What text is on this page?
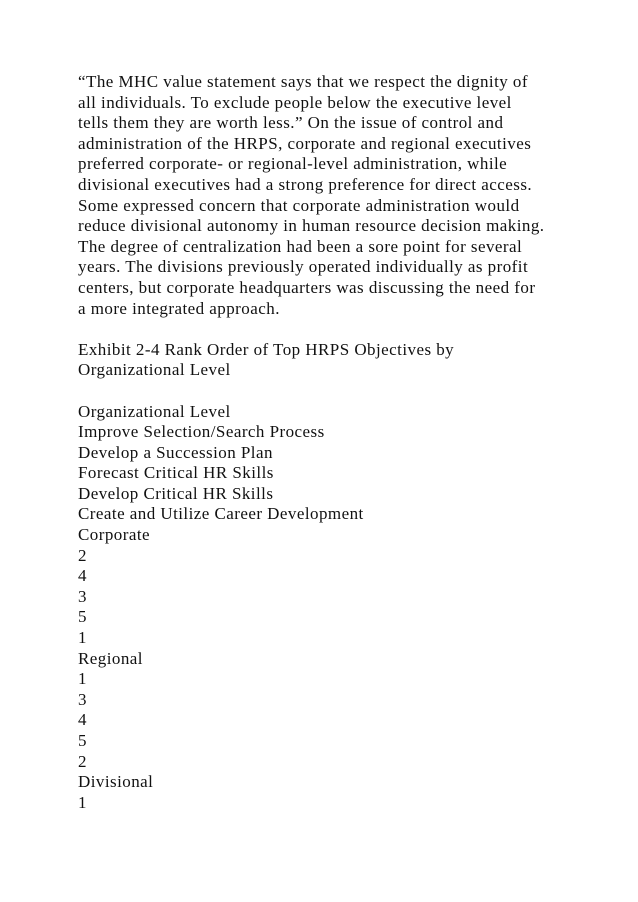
“The MHC value statement says that we respect the dignity of
all individuals. To exclude people below the executive level
tells them they are worth less.” On the issue of control and
administration of the HRPS, corporate and regional executives
preferred corporate- or regional-level administration, while
divisional executives had a strong preference for direct access.
Some expressed concern that corporate administration would
reduce divisional autonomy in human resource decision making.
The degree of centralization had been a sore point for several
years. The divisions previously operated individually as profit
centers, but corporate headquarters was discussing the need for
a more integrated approach.
Exhibit 2-4 Rank Order of Top HRPS Objectives by
Organizational Level
Organizational Level
Improve Selection/Search Process
Develop a Succession Plan
Forecast Critical HR Skills
Develop Critical HR Skills
Create and Utilize Career Development
Corporate
2
4
3
5
1
Regional
1
3
4
5
2
Divisional
1
